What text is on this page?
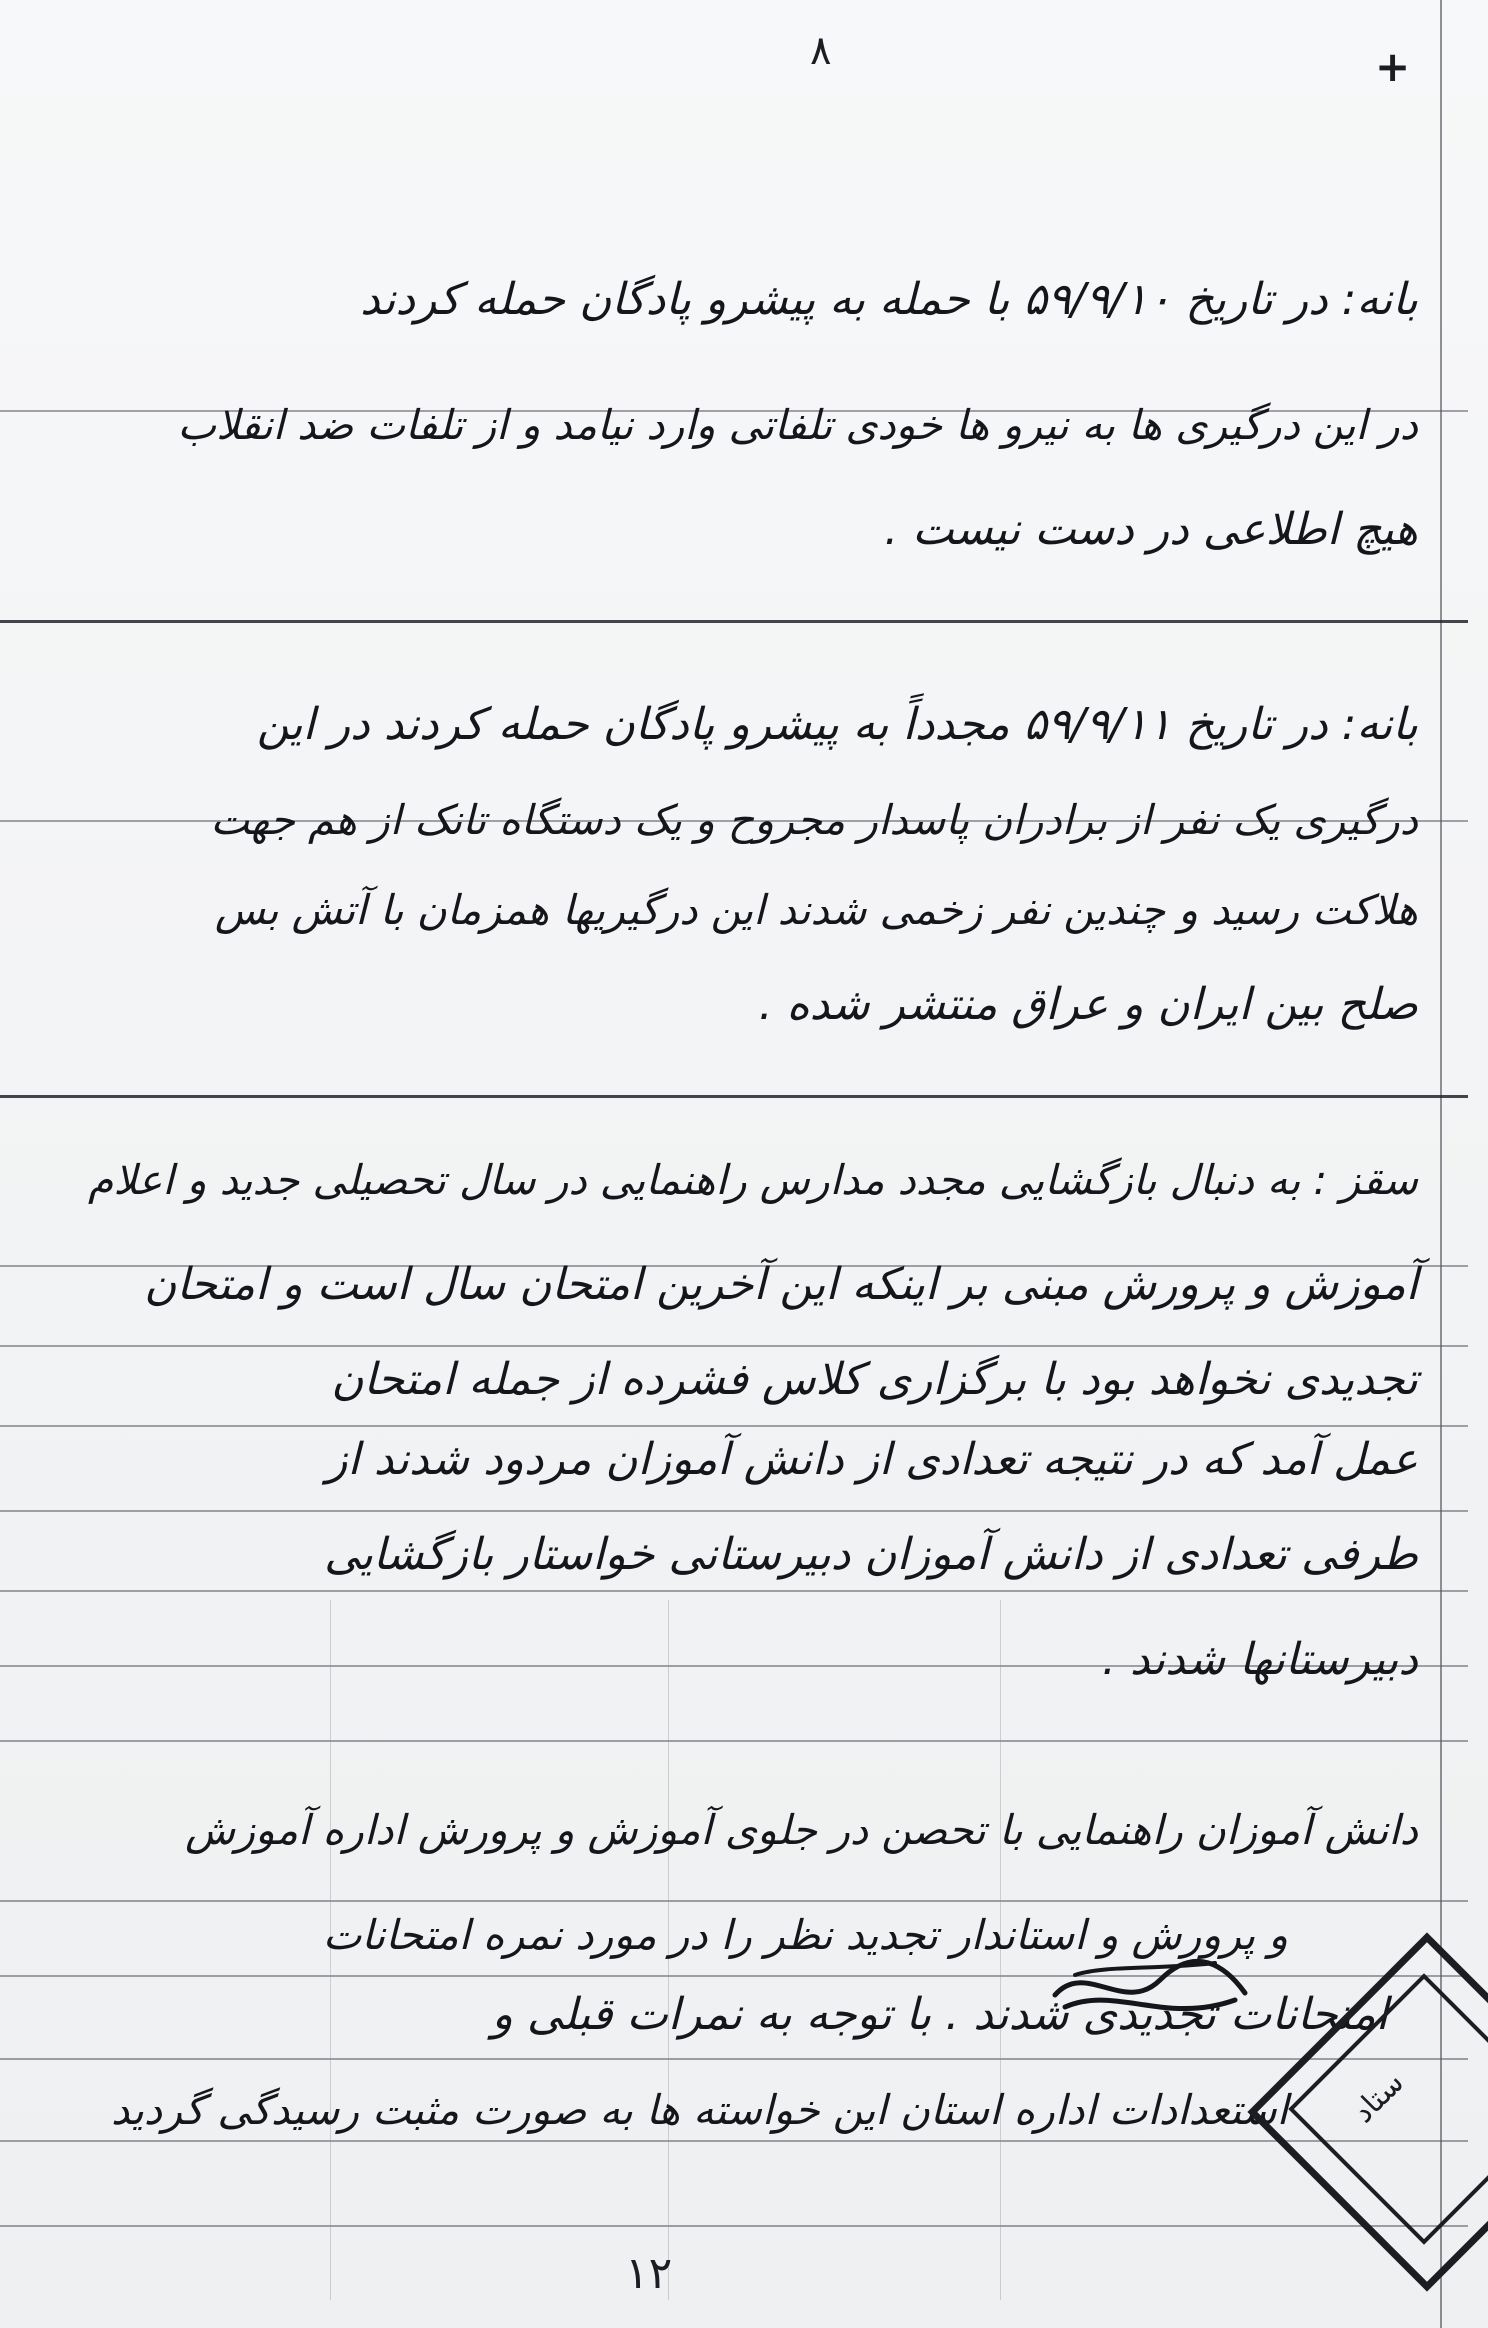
۸	+
بانه: در تاریخ ۵۹/۹/۱۰ با حمله به پیشرو پادگان حمله کردند
در این درگیری ها به نیرو ها خودی تلفاتی وارد نیامد و از تلفات ضد انقلاب
هیچ اطلاعی در دست نیست .
بانه: در تاریخ ۵۹/۹/۱۱ مجدداً به پیشرو پادگان حمله کردند در این
درگیری یک نفر از برادران پاسدار مجروح و یک دستگاه تانک از هم جهت
هلاکت رسید و چندین نفر زخمی شدند این درگیریها همزمان با آتش بس
صلح بین ایران و عراق منتشر شده .
سقز : به دنبال بازگشایی مجدد مدارس راهنمایی در سال تحصیلی جدید و اعلام
آموزش و پرورش مبنی بر اینکه این آخرین امتحان سال است و امتحان
تجدیدی نخواهد بود با برگزاری کلاس فشرده از جمله امتحان
عمل آمد که در نتیجه تعدادی از دانش آموزان مردود شدند از
طرفی تعدادی از دانش آموزان دبیرستانی خواستار بازگشایی
دبیرستانها شدند .
دانش آموزان راهنمایی با تحصن در جلوی آموزش و پرورش اداره آموزش
و پرورش و استاندار تجدید نظر را در مورد نمره امتحانات
امتحانات تجدیدی شدند . با توجه به نمرات قبلی و
استعدادات اداره استان این خواسته ها به صورت مثبت رسیدگی گردید ستاد
۱۲
